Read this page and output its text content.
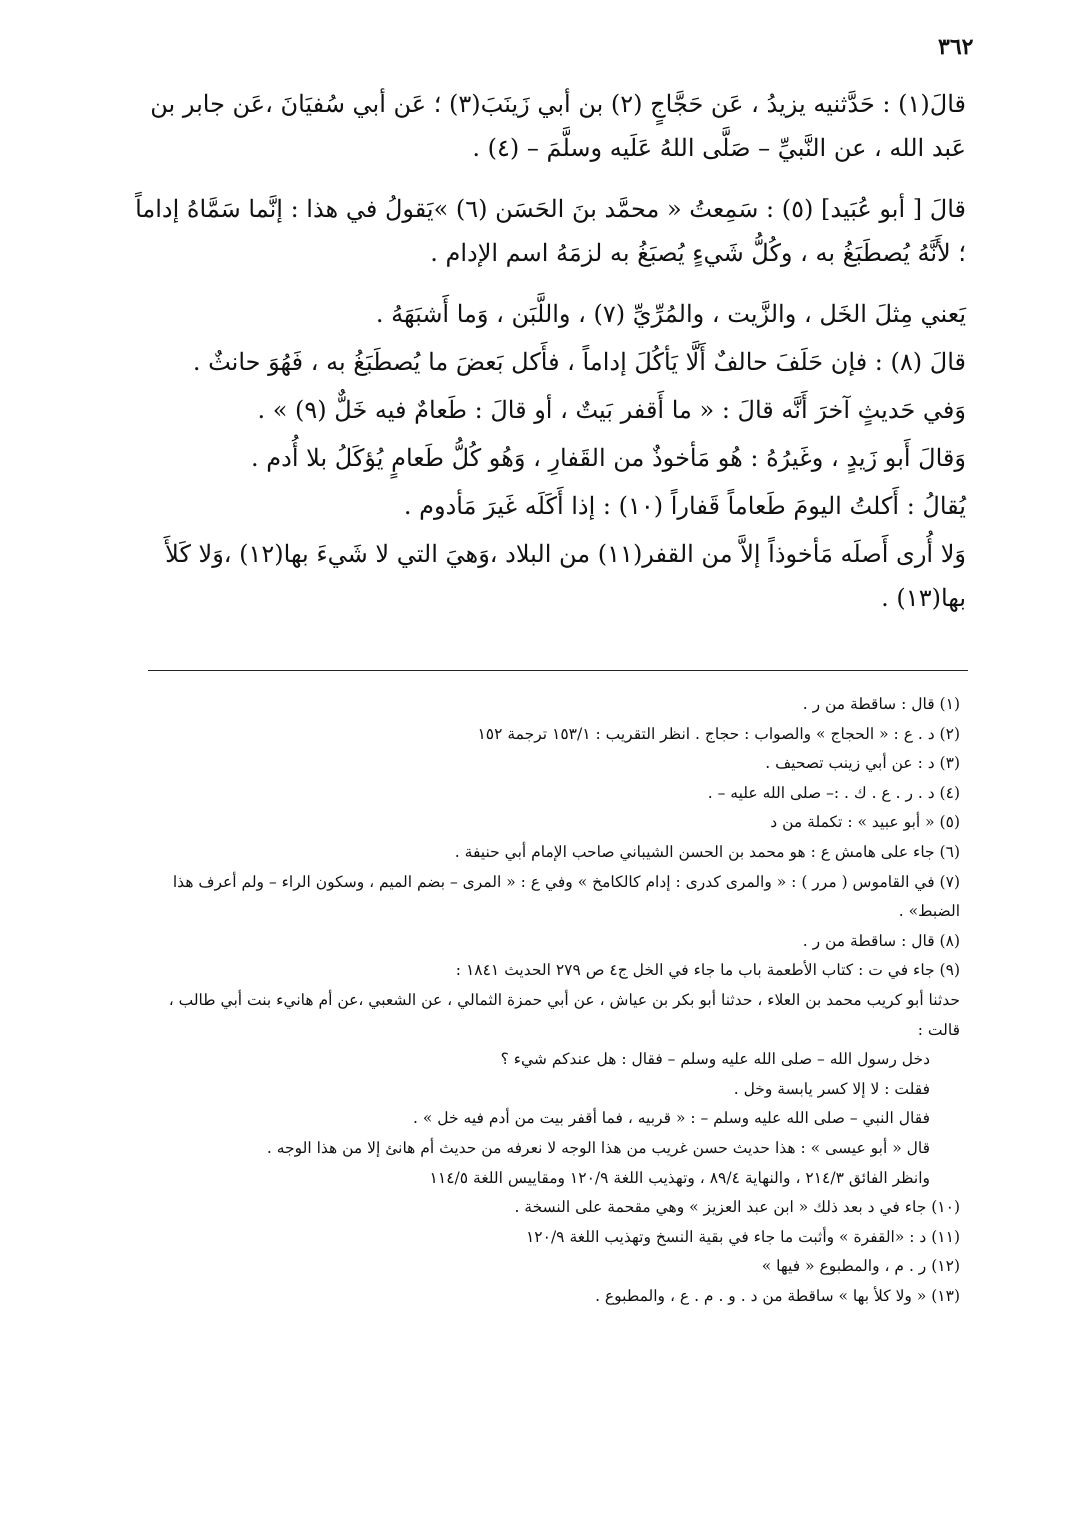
٣٦٢

قالَ(١) : حَدَّثنيه يزيدُ ، عَن حَجَّاجٍ (٢) بن أبي زَينَبَ(٣) ؛ عَن أبي سُفيَانَ ،عَن جابر بن عَبد الله ، عن النَّبيِّ – صَلَّى اللهُ عَلَيه وسلَّمَ – (٤) .

قالَ [ أبو عُبَيد] (٥) : سَمِعتُ « محمَّد بنَ الحَسَن (٦) »يَقولُ في هذا : إنَّما سَمَّاهُ إداماً ؛ لأَنَّهُ يُصطَبَغُ به ، وكُلُّ شَيءٍ يُصبَغُ به لزمَهُ اسم الإدام .

يَعني مِثلَ الخَل ، والزَّيت ، والمُرِّيِّ (٧) ، واللَّبَن ، وَما أَشبَهَهُ .

قالَ (٨) : فإن حَلَفَ حالفٌ أَلَّا يَأكُلَ إداماً ، فأَكل بَعضَ ما يُصطَبَغُ به ، فَهُوَ حانثٌ .

وَفي حَديثٍ آخرَ أَنَّه قالَ : « ما أَقفر بَيتٌ ، أو قالَ : طَعامٌ فيه خَلٌّ (٩) » .

وَقالَ أَبو زَيدٍ ، وغَيرُهُ : هُو مَأخوذٌ من القَفارِ ، وَهُو كُلُّ طَعامٍ يُؤكَلُ بلا أُدم .

يُقالُ : أَكلتُ اليومَ طَعاماً قَفاراً (١٠) : إذا أَكَلَه غَيرَ مَأدوم .

وَلا أُرى أَصلَه مَأخوذاً إلاَّ من القفر(١١) من البلاد ،وَهيَ التي لا شَيءَ بها(١٢) ،وَلا كَلأَ بها(١٣) .

(١) قال : ساقطة من ر .

(٢) د . ع : « الحجاج » والصواب : حجاج . انظر التقريب : ١٥٣/١ ترجمة ١٥٢

(٣) د : عن أبي زينب تصحيف .

(٤) د . ر . ع . ك . :– صلى الله عليه – .

(٥) « أبو عبيد » : تكملة من د

(٦) جاء على هامش ع : هو محمد بن الحسن الشيباني صاحب الإمام أبي حنيفة .

(٧) في القاموس ( مرر ) : « والمرى كدرى : إدام كالكامخ » وفي ع : « المرى – بضم الميم ، وسكون الراء – ولم أعرف هذا الضبط» .

(٨) قال : ساقطة من ر .

(٩) جاء في ت : كتاب الأطعمة باب ما جاء في الخل ج٤ ص ٢٧٩ الحديث ١٨٤١ :

حدثنا أبو كريب محمد بن العلاء ، حدثنا أبو بكر بن عياش ، عن أبي حمزة الثمالي ، عن الشعبي ،عن أم هانيء بنت أبي طالب ، قالت :

دخل رسول الله – صلى الله عليه وسلم – فقال : هل عندكم شيء ؟

فقلت : لا إلا كسر يابسة وخل .

فقال النبي – صلى الله عليه وسلم – : « قربيه ، فما أقفر بيت من أدم فيه خل » .

قال « أبو عيسى » : هذا حديث حسن غريب من هذا الوجه لا نعرفه من حديث أم هانئ إلا من هذا الوجه .

وانظر الفائق ٢١٤/٣ ، والنهاية ٨٩/٤ ، وتهذيب اللغة ١٢٠/٩ ومقاييس اللغة ١١٤/٥

(١٠) جاء في د بعد ذلك « ابن عبد العزيز » وهي مقحمة على النسخة .

(١١) د : «القفرة » وأثبت ما جاء في بقية النسخ وتهذيب اللغة ١٢٠/٩

(١٢) ر . م ، والمطبوع « فيها »

(١٣) « ولا كلأ بها » ساقطة من د . و . م . ع ، والمطبوع .
